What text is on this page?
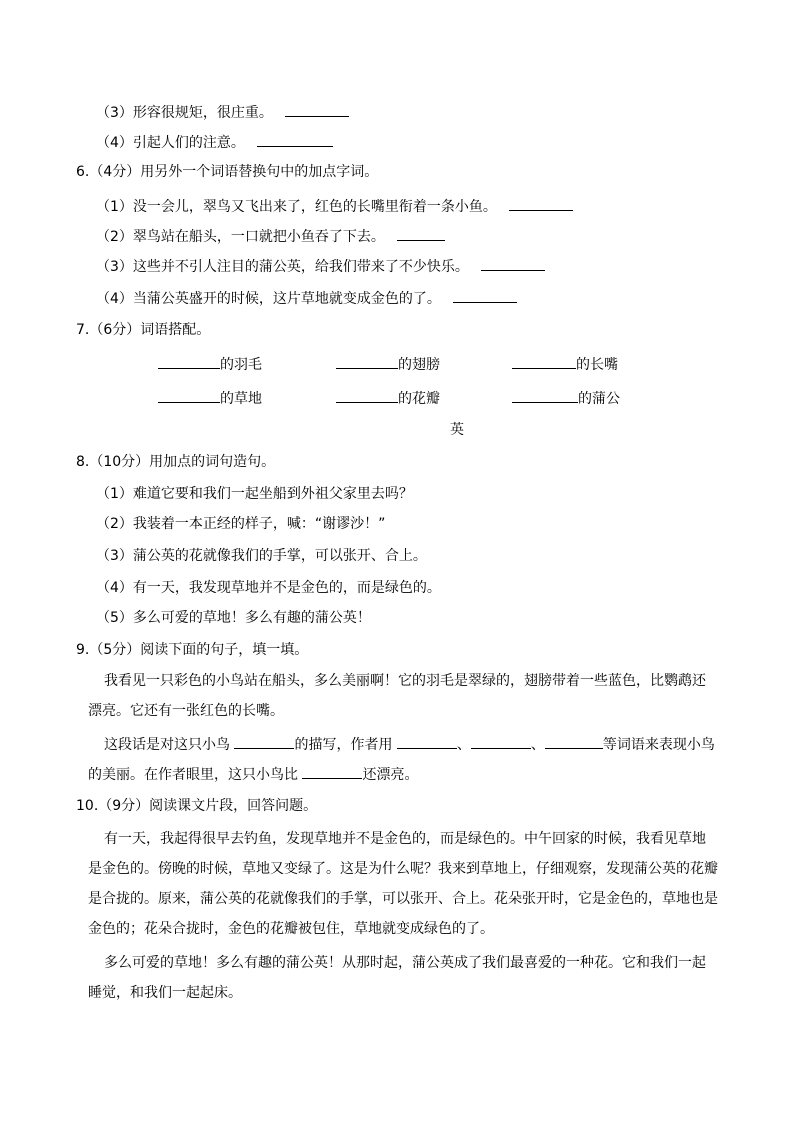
（3）形容很规矩，很庄重。
（4）引起人们的注意。
6.（4分）用另外一个词语替换句中的加点字词。
（1）没一会儿，翠鸟又飞出来了，红色的长嘴里衔着一条小鱼。
（2）翠鸟站在船头，一口就把小鱼吞了下去。
（3）这些并不引人注目的蒲公英，给我们带来了不少快乐。
（4）当蒲公英盛开的时候，这片草地就变成金色的了。
7.（6分）词语搭配。
的羽毛	的翅膀	的长嘴
的草地	的花瓣	的蒲公
英
8.（10分）用加点的词句造句。
（1）难道它要和我们一起坐船到外祖父家里去吗？
（2）我装着一本正经的样子，喊：“谢谬沙！”
（3）蒲公英的花就像我们的手掌，可以张开、合上。
（4）有一天，我发现草地并不是金色的，而是绿色的。
（5）多么可爱的草地！多么有趣的蒲公英！
9.（5分）阅读下面的句子，填一填。
我看见一只彩色的小鸟站在船头，多么美丽啊！它的羽毛是翠绿的，翅膀带着一些蓝色，比鹦鹉还漂亮。它还有一张红色的长嘴。
这段话是对这只小鸟	的描写，作者用	、	、	等词语来表现小鸟的美丽。在作者眼里，这只小鸟比	还漂亮。
10.（9分）阅读课文片段，回答问题。
有一天，我起得很早去钓鱼，发现草地并不是金色的，而是绿色的。中午回家的时候，我看见草地是金色的。傍晚的时候，草地又变绿了。这是为什么呢？我来到草地上，仔细观察，发现蒲公英的花瓣是合拢的。原来，蒲公英的花就像我们的手掌，可以张开、合上。花朵张开时，它是金色的，草地也是金色的；花朵合拢时，金色的花瓣被包住，草地就变成绿色的了。
多么可爱的草地！多么有趣的蒲公英！从那时起，蒲公英成了我们最喜爱的一种花。它和我们一起睡觉，和我们一起起床。
